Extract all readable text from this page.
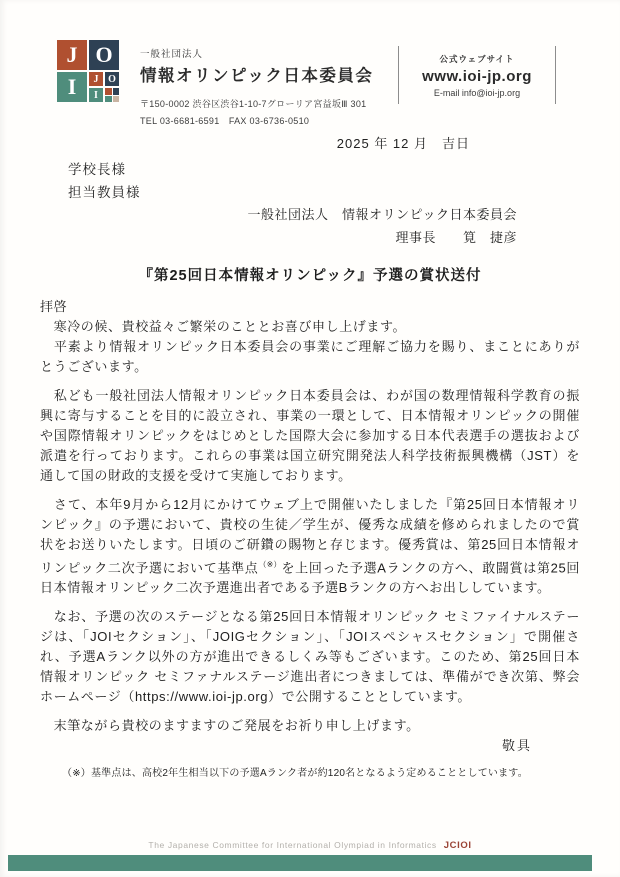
J O
I J O
I
一般社団法人
情報オリンピック日本委員会
〒150-0002 渋谷区渋谷1-10-7グローリア宮益坂Ⅲ 301
TEL 03-6681-6591　FAX 03-6736-0510
公式ウェブサイト
www.ioi-jp.org
E-mail info@ioi-jp.org
2025 年 12 月　吉日
学校長様
担当教員様
一般社団法人　情報オリンピック日本委員会
理事長　　筧　捷彦
『第25回日本情報オリンピック』予選の賞状送付

拝啓

　寒冷の候、貴校益々ご繁栄のこととお喜び申し上げます。

　平素より情報オリンピック日本委員会の事業にご理解ご協力を賜り、まことにありがとうございます。

　私ども一般社団法人情報オリンピック日本委員会は、わが国の数理情報科学教育の振興に寄与することを目的に設立され、事業の一環として、日本情報オリンピックの開催や国際情報オリンピックをはじめとした国際大会に参加する日本代表選手の選抜および派遣を行っております。これらの事業は国立研究開発法人科学技術振興機構（JST）を通して国の財政的支援を受けて実施しております。

　さて、本年9月から12月にかけてウェブ上で開催いたしました『第25回日本情報オリンピック』の予選において、貴校の生徒／学生が、優秀な成績を修められましたので賞状をお送りいたします。日頃のご研鑽の賜物と存じます。優秀賞は、第25回日本情報オリンピック二次予選において基準点（※）を上回った予選Aランクの方へ、敢闘賞は第25回日本情報オリンピック二次予選進出者である予選Bランクの方へお出ししています。

　なお、予選の次のステージとなる第25回日本情報オリンピック セミファイナルステージは、「JOIセクション」、「JOIGセクション」、「JOIスペシャスセクション」で開催され、予選Aランク以外の方が進出できるしくみ等もございます。このため、第25回日本情報オリンピック セミファナルステージ進出者につきましては、準備ができ次第、弊会ホームページ（https://www.ioi-jp.org）で公開することとしています。

　末筆ながら貴校のますますのご発展をお祈り申し上げます。

敬具

（※）基準点は、高校2年生相当以下の予選Aランク者が約120名となるよう定めることとしています。
The Japanese Committee for International Olympiad in Informatics JCIOI
